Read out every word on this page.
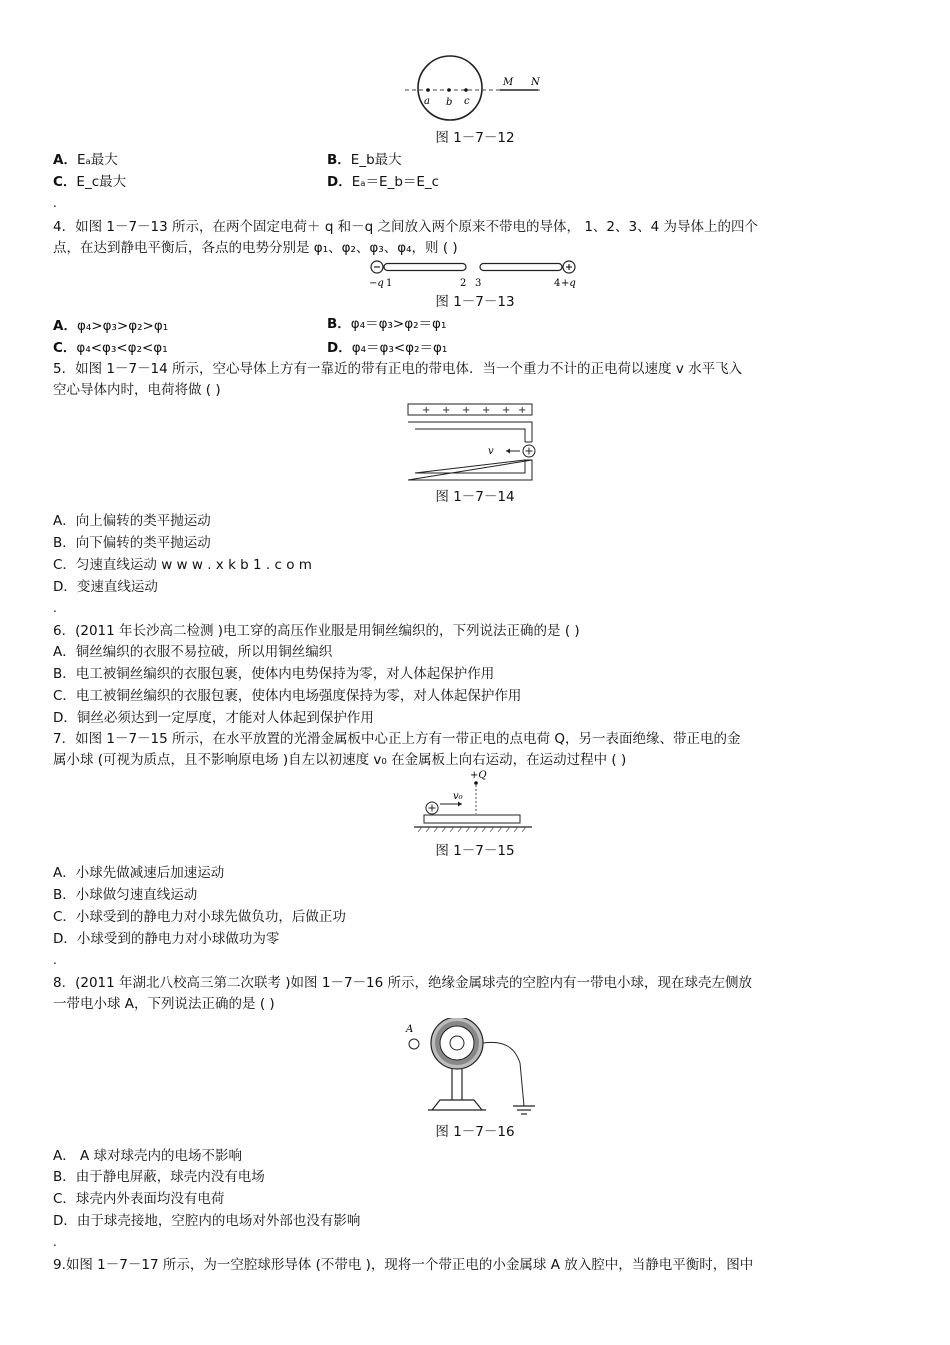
a b c
M N
图 1－7－12
A．Eₐ最大	B．E_b最大
C．E_c最大	D．Eₐ＝E_b＝E_c
.
4．如图 1－7－13 所示，在两个固定电荷＋ q 和－q 之间放入两个原来不带电的导体， 1、2、3、4 为导体上的四个
点，在达到静电平衡后，各点的电势分别是 φ₁、φ₂、φ₃、φ₄，则 ( )
−q 1	2 3	4 +q
图 1－7－13
A．φ₄>φ₃>φ₂>φ₁	B．φ₄＝φ₃>φ₂＝φ₁
C．φ₄<φ₃<φ₂<φ₁	D．φ₄＝φ₃<φ₂＝φ₁
5．如图 1－7－14 所示，空心导体上方有一靠近的带有正电的带电体．当一个重力不计的正电荷以速度 v 水平飞入
空心导体内时，电荷将做 ( )
+ + + + + +
v
图 1－7－14
A．向上偏转的类平抛运动
B．向下偏转的类平抛运动
C．匀速直线运动 w w w . x k b 1 . c o m
D．变速直线运动
.
6．(2011 年长沙高二检测 )电工穿的高压作业服是用铜丝编织的，下列说法正确的是 ( )
A．铜丝编织的衣服不易拉破，所以用铜丝编织
B．电工被铜丝编织的衣服包裹，使体内电势保持为零，对人体起保护作用
C．电工被铜丝编织的衣服包裹，使体内电场强度保持为零，对人体起保护作用
D．铜丝必须达到一定厚度，才能对人体起到保护作用
7．如图 1－7－15 所示，在水平放置的光滑金属板中心正上方有一带正电的点电荷 Q，另一表面绝缘、带正电的金
属小球 (可视为质点，且不影响原电场 )自左以初速度 v₀ 在金属板上向右运动，在运动过程中 ( )
+Q
v₀
图 1－7－15
A．小球先做减速后加速运动
B．小球做匀速直线运动
C．小球受到的静电力对小球先做负功，后做正功
D．小球受到的静电力对小球做功为零
.
8．(2011 年湖北八校高三第二次联考 )如图 1－7－16 所示，绝缘金属球壳的空腔内有一带电小球，现在球壳左侧放
一带电小球 A，下列说法正确的是 ( )
A
图 1－7－16
A． A 球对球壳内的电场不影响
B．由于静电屏蔽，球壳内没有电场
C．球壳内外表面均没有电荷
D．由于球壳接地，空腔内的电场对外部也没有影响
.
9.如图 1－7－17 所示，为一空腔球形导体 (不带电 )，现将一个带正电的小金属球 A 放入腔中，当静电平衡时，图中
